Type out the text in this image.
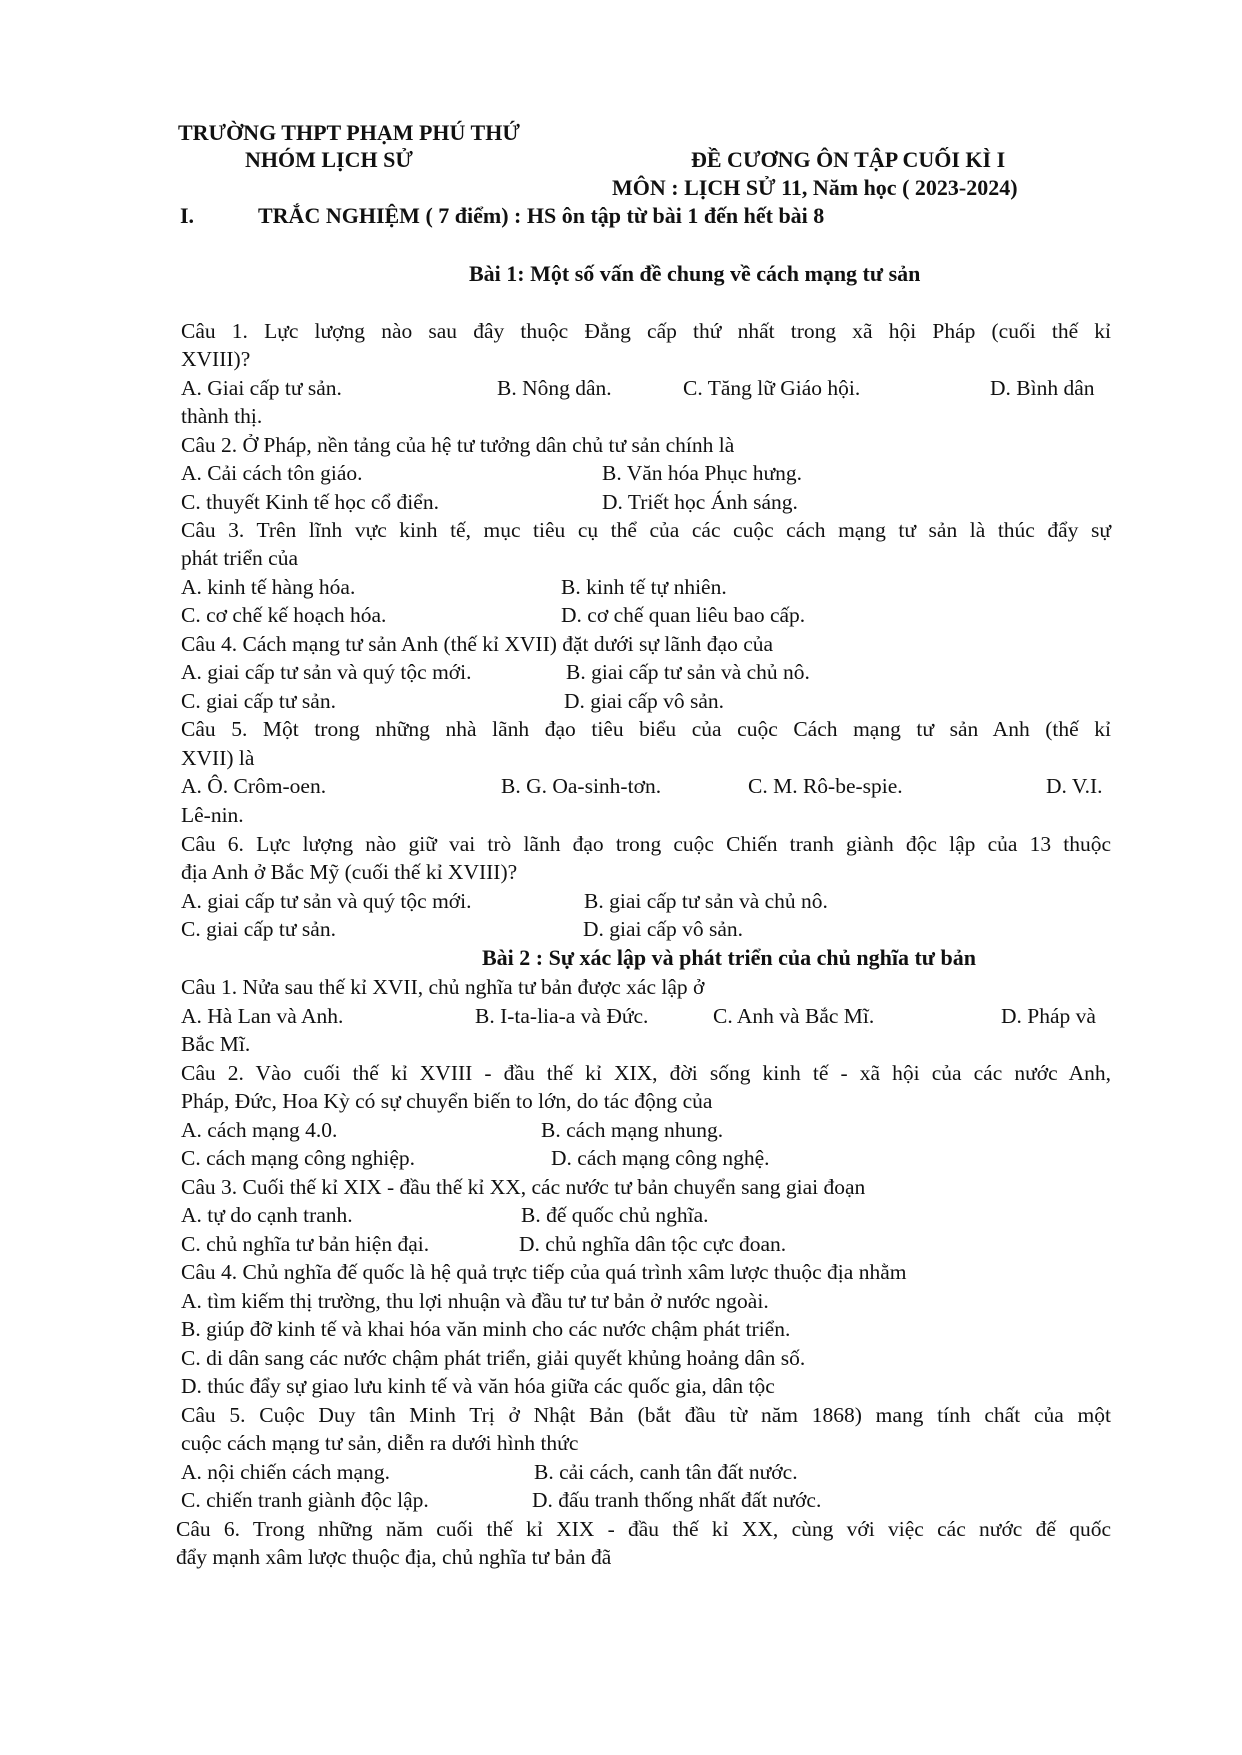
TRƯỜNG THPT PHẠM PHÚ THỨ
NHÓM LỊCH SỬ	ĐỀ CƯƠNG ÔN TẬP CUỐI KÌ I
MÔN : LỊCH SỬ 11, Năm học ( 2023-2024)
I.	TRẮC NGHIỆM ( 7 điểm) : HS ôn tập từ bài 1 đến hết bài 8
Bài 1: Một số vấn đề chung về cách mạng tư sản
Câu 1. Lực lượng nào sau đây thuộc Đẳng cấp thứ nhất trong xã hội Pháp (cuối thế kỉ
XVIII)?
A. Giai cấp tư sản.	B. Nông dân.	C. Tăng lữ Giáo hội.	D. Bình dân
thành thị.
Câu 2. Ở Pháp, nền tảng của hệ tư tưởng dân chủ tư sản chính là
A. Cải cách tôn giáo.	B. Văn hóa Phục hưng.
C. thuyết Kinh tế học cổ điển.	D. Triết học Ánh sáng.
Câu 3. Trên lĩnh vực kinh tế, mục tiêu cụ thể của các cuộc cách mạng tư sản là thúc đẩy sự
phát triển của
A. kinh tế hàng hóa.	B. kinh tế tự nhiên.
C. cơ chế kế hoạch hóa.	D. cơ chế quan liêu bao cấp.
Câu 4. Cách mạng tư sản Anh (thế kỉ XVII) đặt dưới sự lãnh đạo của
A. giai cấp tư sản và quý tộc mới.	B. giai cấp tư sản và chủ nô.
C. giai cấp tư sản.	D. giai cấp vô sản.
Câu 5. Một trong những nhà lãnh đạo tiêu biểu của cuộc Cách mạng tư sản Anh (thế kỉ
XVII) là
A. Ô. Crôm-oen.	B. G. Oa-sinh-tơn.	C. M. Rô-be-spie.	D. V.I.
Lê-nin.
Câu 6. Lực lượng nào giữ vai trò lãnh đạo trong cuộc Chiến tranh giành độc lập của 13 thuộc
địa Anh ở Bắc Mỹ (cuối thế kỉ XVIII)?
A. giai cấp tư sản và quý tộc mới.	B. giai cấp tư sản và chủ nô.
C. giai cấp tư sản.	D. giai cấp vô sản.
Bài 2 : Sự xác lập và phát triển của chủ nghĩa tư bản
Câu 1. Nửa sau thế kỉ XVII, chủ nghĩa tư bản được xác lập ở
A. Hà Lan và Anh.	B. I-ta-lia-a và Đức.	C. Anh và Bắc Mĩ.	D. Pháp và
Bắc Mĩ.
Câu 2. Vào cuối thế kỉ XVIII - đầu thế kỉ XIX, đời sống kinh tế - xã hội của các nước Anh,
Pháp, Đức, Hoa Kỳ có sự chuyển biến to lớn, do tác động của
A. cách mạng 4.0.	B. cách mạng nhung.
C. cách mạng công nghiệp.	D. cách mạng công nghệ.
Câu 3. Cuối thế kỉ XIX - đầu thế kỉ XX, các nước tư bản chuyển sang giai đoạn
A. tự do cạnh tranh.	B. đế quốc chủ nghĩa.
C. chủ nghĩa tư bản hiện đại.	D. chủ nghĩa dân tộc cực đoan.
Câu 4. Chủ nghĩa đế quốc là hệ quả trực tiếp của quá trình xâm lược thuộc địa nhằm
A. tìm kiếm thị trường, thu lợi nhuận và đầu tư tư bản ở nước ngoài.
B. giúp đỡ kinh tế và khai hóa văn minh cho các nước chậm phát triển.
C. di dân sang các nước chậm phát triển, giải quyết khủng hoảng dân số.
D. thúc đẩy sự giao lưu kinh tế và văn hóa giữa các quốc gia, dân tộc
Câu 5. Cuộc Duy tân Minh Trị ở Nhật Bản (bắt đầu từ năm 1868) mang tính chất của một
cuộc cách mạng tư sản, diễn ra dưới hình thức
A. nội chiến cách mạng.	B. cải cách, canh tân đất nước.
C. chiến tranh giành độc lập.	D. đấu tranh thống nhất đất nước.
Câu 6. Trong những năm cuối thế kỉ XIX - đầu thế kỉ XX, cùng với việc các nước đế quốc
đẩy mạnh xâm lược thuộc địa, chủ nghĩa tư bản đã
